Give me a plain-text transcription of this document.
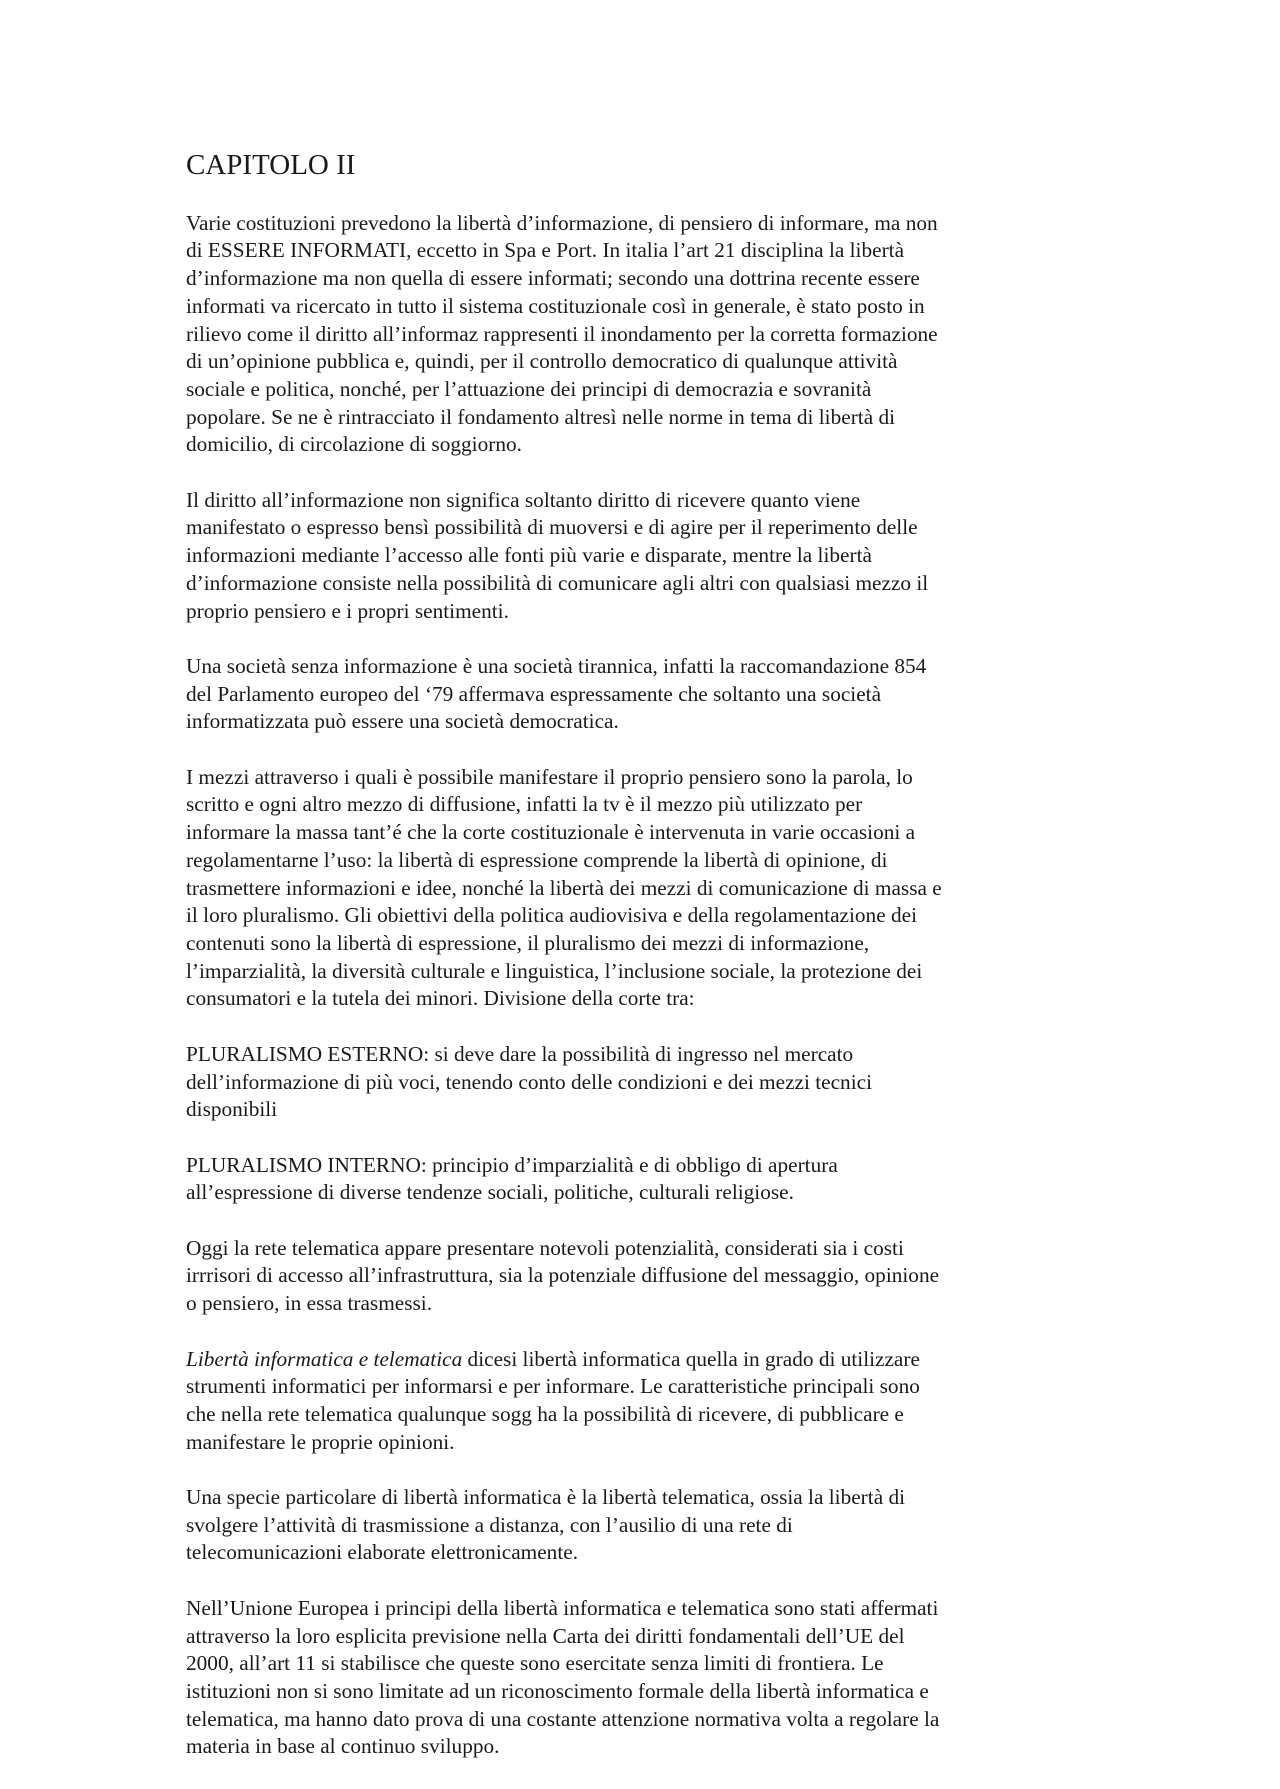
CAPITOLO II

Varie costituzioni prevedono la libertà d’informazione, di pensiero di informare, ma non
di ESSERE INFORMATI, eccetto in Spa e Port. In italia l’art 21 disciplina la libertà
d’informazione ma non quella di essere informati; secondo una dottrina recente essere
informati va ricercato in tutto il sistema costituzionale così in generale, è stato posto in
rilievo come il diritto all’informaz rappresenti il inondamento per la corretta formazione
di un’opinione pubblica e, quindi, per il controllo democratico di qualunque attività
sociale e politica, nonché, per l’attuazione dei principi di democrazia e sovranità
popolare. Se ne è rintracciato il fondamento altresì nelle norme in tema di libertà di
domicilio, di circolazione di soggiorno.

Il diritto all’informazione non significa soltanto diritto di ricevere quanto viene
manifestato o espresso bensì possibilità di muoversi e di agire per il reperimento delle
informazioni mediante l’accesso alle fonti più varie e disparate, mentre la libertà
d’informazione consiste nella possibilità di comunicare agli altri con qualsiasi mezzo il
proprio pensiero e i propri sentimenti.

Una società senza informazione è una società tirannica, infatti la raccomandazione 854
del Parlamento europeo del ‘79 affermava espressamente che soltanto una società
informatizzata può essere una società democratica.

I mezzi attraverso i quali è possibile manifestare il proprio pensiero sono la parola, lo
scritto e ogni altro mezzo di diffusione, infatti la tv è il mezzo più utilizzato per
informare la massa tant’é che la corte costituzionale è intervenuta in varie occasioni a
regolamentarne l’uso: la libertà di espressione comprende la libertà di opinione, di
trasmettere informazioni e idee, nonché la libertà dei mezzi di comunicazione di massa e
il loro pluralismo. Gli obiettivi della politica audiovisiva e della regolamentazione dei
contenuti sono la libertà di espressione, il pluralismo dei mezzi di informazione,
l’imparzialità, la diversità culturale e linguistica, l’inclusione sociale, la protezione dei
consumatori e la tutela dei minori. Divisione della corte tra:

PLURALISMO ESTERNO: si deve dare la possibilità di ingresso nel mercato
dell’informazione di più voci, tenendo conto delle condizioni e dei mezzi tecnici
disponibili

PLURALISMO INTERNO: principio d’imparzialità e di obbligo di apertura
all’espressione di diverse tendenze sociali, politiche, culturali religiose.

Oggi la rete telematica appare presentare notevoli potenzialità, considerati sia i costi
irrrisori di accesso all’infrastruttura, sia la potenziale diffusione del messaggio, opinione
o pensiero, in essa trasmessi.

Libertà informatica e telematica dicesi libertà informatica quella in grado di utilizzare
strumenti informatici per informarsi e per informare. Le caratteristiche principali sono
che nella rete telematica qualunque sogg ha la possibilità di ricevere, di pubblicare e
manifestare le proprie opinioni.

Una specie particolare di libertà informatica è la libertà telematica, ossia la libertà di
svolgere l’attività di trasmissione a distanza, con l’ausilio di una rete di
telecomunicazioni elaborate elettronicamente.

Nell’Unione Europea i principi della libertà informatica e telematica sono stati affermati
attraverso la loro esplicita previsione nella Carta dei diritti fondamentali dell’UE del
2000, all’art 11 si stabilisce che queste sono esercitate senza limiti di frontiera. Le
istituzioni non si sono limitate ad un riconoscimento formale della libertà informatica e
telematica, ma hanno dato prova di una costante attenzione normativa volta a regolare la
materia in base al continuo sviluppo.
